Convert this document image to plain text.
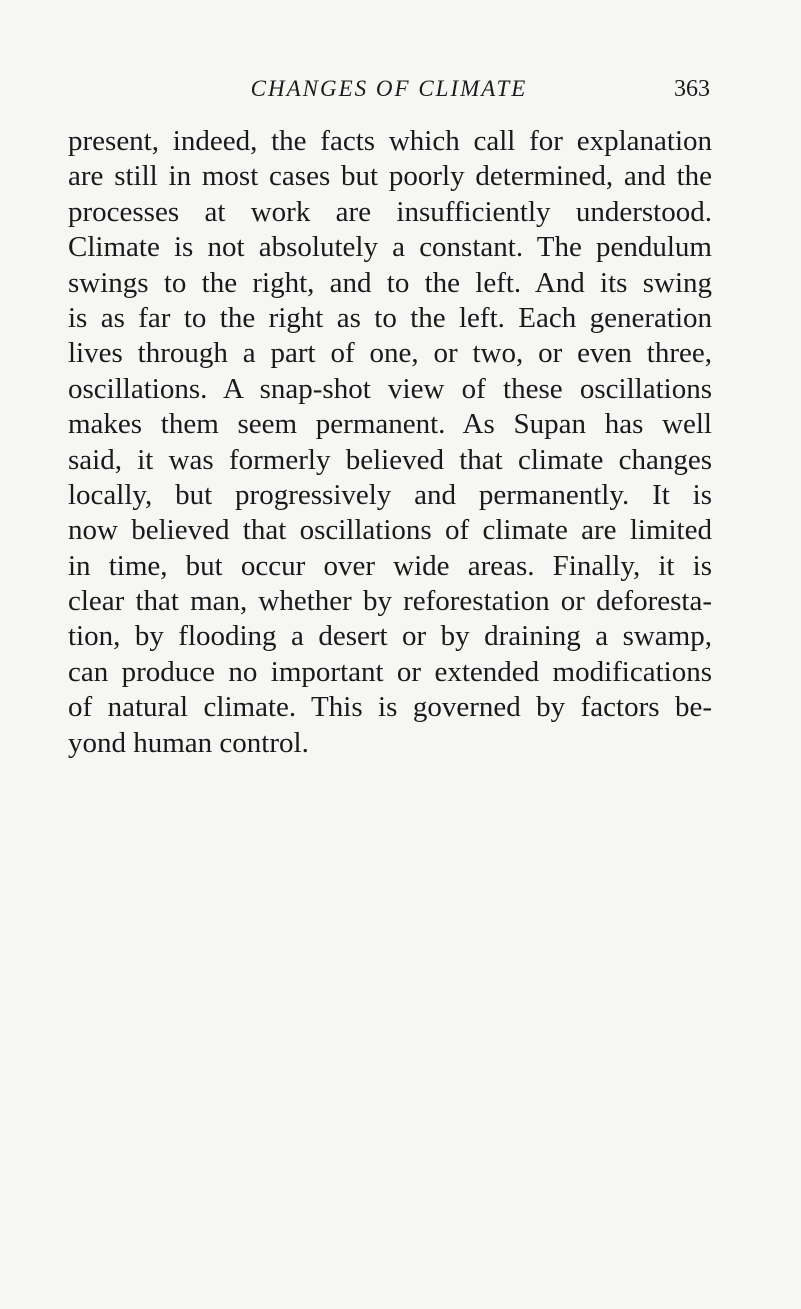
CHANGES OF CLIMATE	363
present, indeed, the facts which call for explanation
are still in most cases but poorly determined, and the
processes at work are insufficiently understood.
Climate is not absolutely a constant. The pendulum
swings to the right, and to the left. And its swing
is as far to the right as to the left. Each generation
lives through a part of one, or two, or even three,
oscillations. A snap-shot view of these oscillations
makes them seem permanent. As Supan has well
said, it was formerly believed that climate changes
locally, but progressively and permanently. It is
now believed that oscillations of climate are limited
in time, but occur over wide areas. Finally, it is
clear that man, whether by reforestation or deforesta-
tion, by flooding a desert or by draining a swamp,
can produce no important or extended modifications
of natural climate. This is governed by factors be-
yond human control.
